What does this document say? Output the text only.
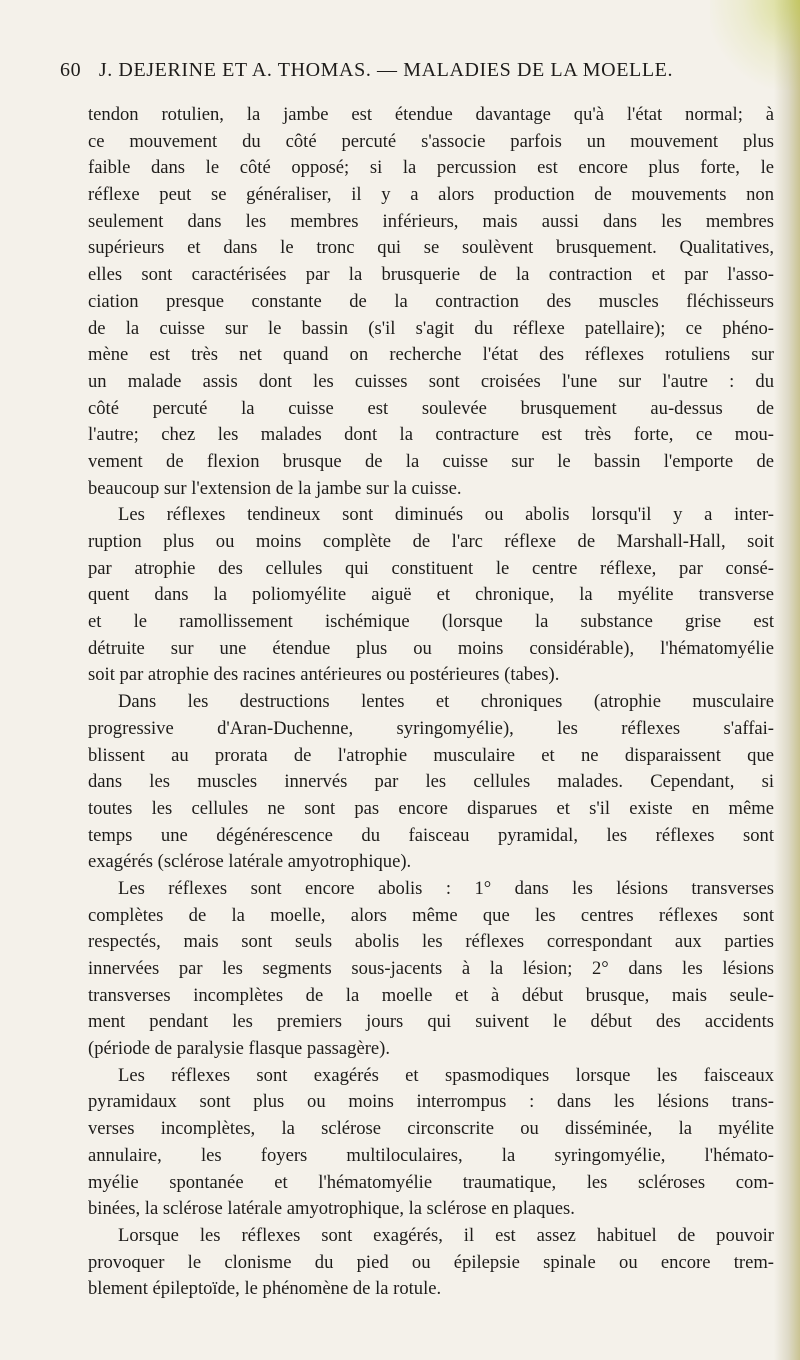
60 J. DEJERINE ET A. THOMAS. — MALADIES DE LA MOELLE.
tendon rotulien, la jambe est étendue davantage qu'à l'état normal; à
ce mouvement du côté percuté s'associe parfois un mouvement plus
faible dans le côté opposé; si la percussion est encore plus forte, le
réflexe peut se généraliser, il y a alors production de mouvements non
seulement dans les membres inférieurs, mais aussi dans les membres
supérieurs et dans le tronc qui se soulèvent brusquement. Qualitatives,
elles sont caractérisées par la brusquerie de la contraction et par l'asso-
ciation presque constante de la contraction des muscles fléchisseurs
de la cuisse sur le bassin (s'il s'agit du réflexe patellaire); ce phéno-
mène est très net quand on recherche l'état des réflexes rotuliens sur
un malade assis dont les cuisses sont croisées l'une sur l'autre : du
côté percuté la cuisse est soulevée brusquement au-dessus de
l'autre; chez les malades dont la contracture est très forte, ce mou-
vement de flexion brusque de la cuisse sur le bassin l'emporte de
beaucoup sur l'extension de la jambe sur la cuisse.
Les réflexes tendineux sont diminués ou abolis lorsqu'il y a inter-
ruption plus ou moins complète de l'arc réflexe de Marshall-Hall, soit
par atrophie des cellules qui constituent le centre réflexe, par consé-
quent dans la poliomyélite aiguë et chronique, la myélite transverse
et le ramollissement ischémique (lorsque la substance grise est
détruite sur une étendue plus ou moins considérable), l'hématomyélie
soit par atrophie des racines antérieures ou postérieures (tabes).
Dans les destructions lentes et chroniques (atrophie musculaire
progressive d'Aran-Duchenne, syringomyélie), les réflexes s'affai-
blissent au prorata de l'atrophie musculaire et ne disparaissent que
dans les muscles innervés par les cellules malades. Cependant, si
toutes les cellules ne sont pas encore disparues et s'il existe en même
temps une dégénérescence du faisceau pyramidal, les réflexes sont
exagérés (sclérose latérale amyotrophique).
Les réflexes sont encore abolis : 1° dans les lésions transverses
complètes de la moelle, alors même que les centres réflexes sont
respectés, mais sont seuls abolis les réflexes correspondant aux parties
innervées par les segments sous-jacents à la lésion; 2° dans les lésions
transverses incomplètes de la moelle et à début brusque, mais seule-
ment pendant les premiers jours qui suivent le début des accidents
(période de paralysie flasque passagère).
Les réflexes sont exagérés et spasmodiques lorsque les faisceaux
pyramidaux sont plus ou moins interrompus : dans les lésions trans-
verses incomplètes, la sclérose circonscrite ou disséminée, la myélite
annulaire, les foyers multiloculaires, la syringomyélie, l'hémato-
myélie spontanée et l'hématomyélie traumatique, les scléroses com-
binées, la sclérose latérale amyotrophique, la sclérose en plaques.
Lorsque les réflexes sont exagérés, il est assez habituel de pouvoir
provoquer le clonisme du pied ou épilepsie spinale ou encore trem-
blement épileptoïde, le phénomène de la rotule.
